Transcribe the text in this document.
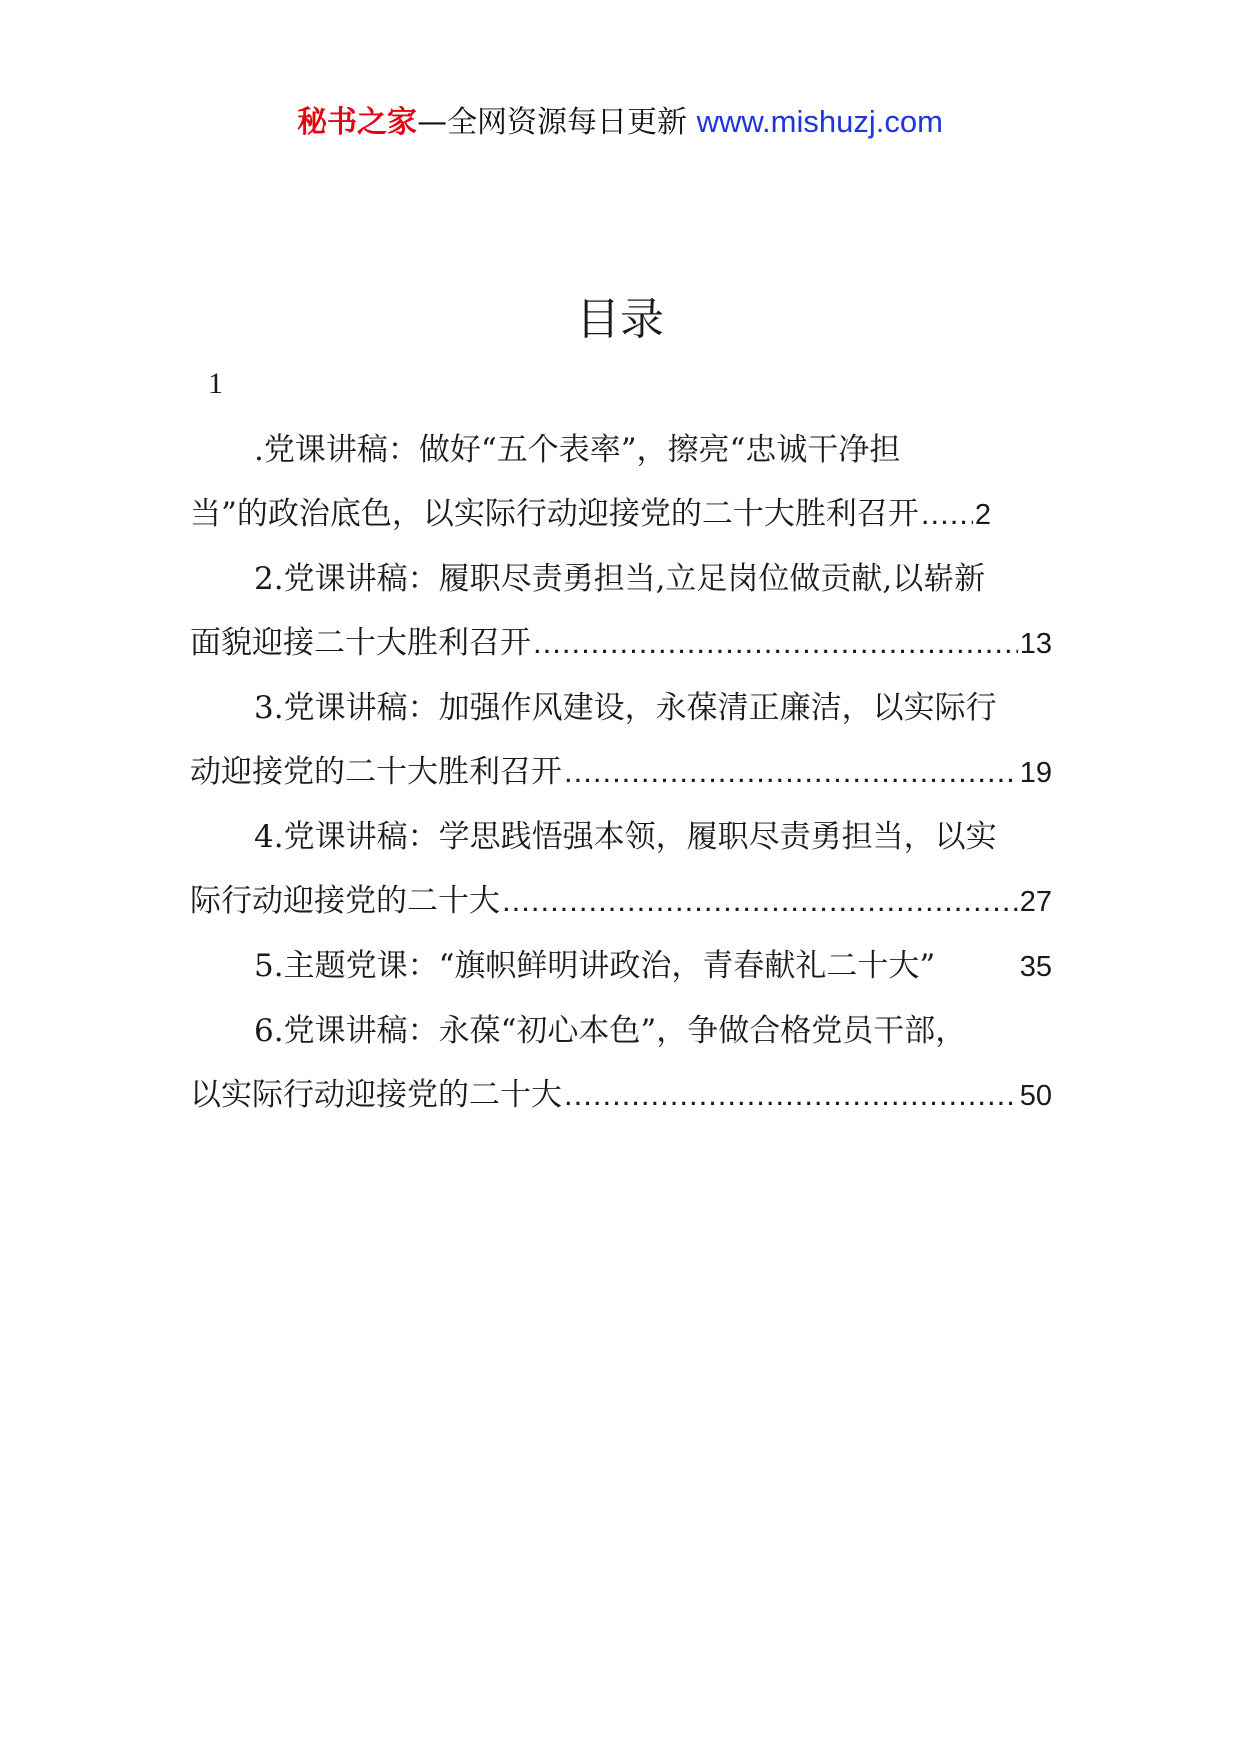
秘书之家—全网资源每日更新 www.mishuzj.com
目录
1
.党课讲稿：做好“五个表率”，擦亮“忠诚干净担
当”的政治底色，以实际行动迎接党的二十大胜利召开 ..... 2
2.党课讲稿：履职尽责勇担当,立足岗位做贡献,以崭新
面貌迎接二十大胜利召开 .....	13
3.党课讲稿：加强作风建设，永葆清正廉洁，以实际行
动迎接党的二十大胜利召开 .....	19
4.党课讲稿：学思践悟强本领，履职尽责勇担当，以实
际行动迎接党的二十大 .....	27
5.主题党课：“旗帜鲜明讲政治，青春献礼二十大”	35
6.党课讲稿：永葆“初心本色”，争做合格党员干部，
以实际行动迎接党的二十大 .....	50
